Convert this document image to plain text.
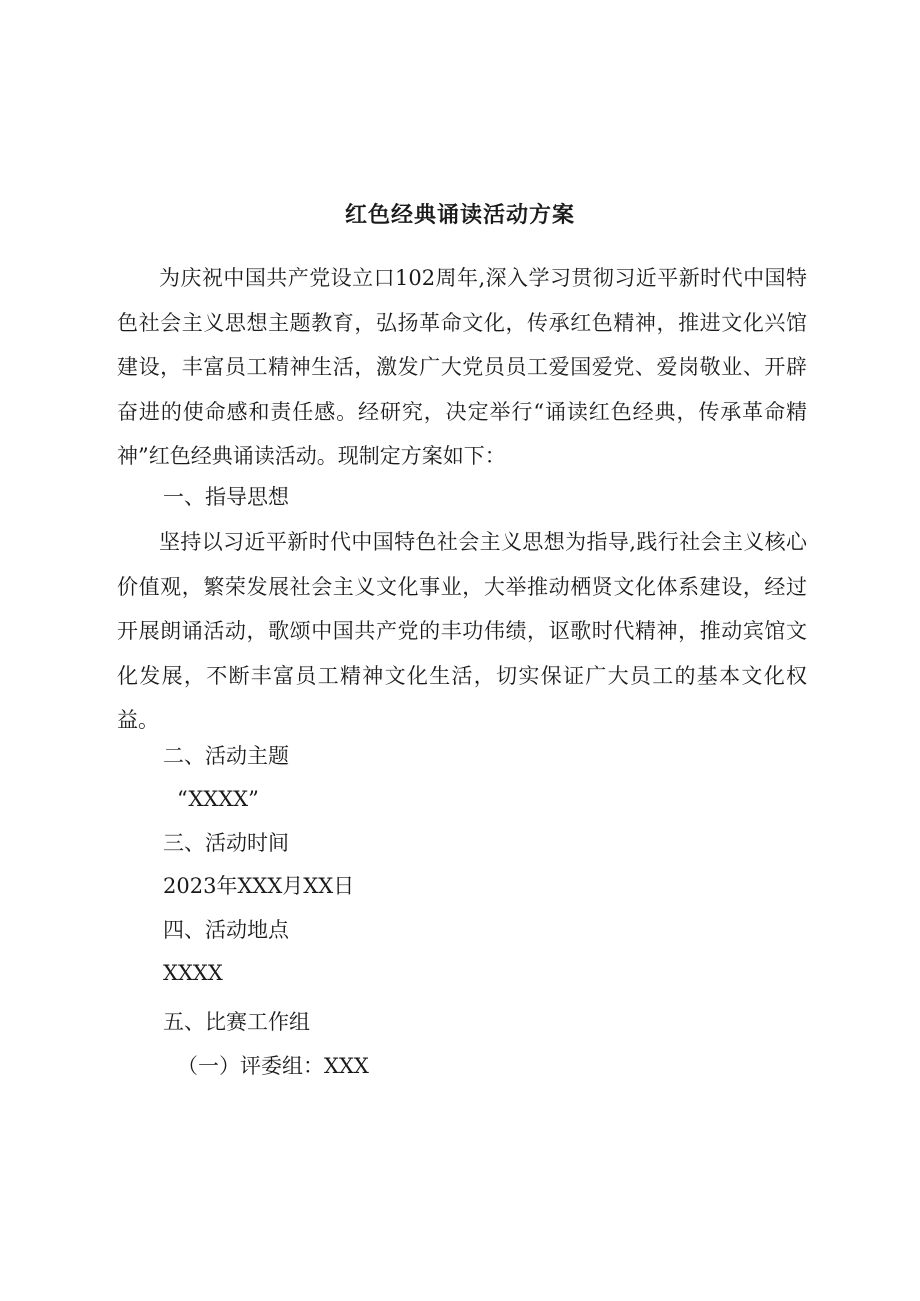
红色经典诵读活动方案

为庆祝中国共产党设立口102周年,深入学习贯彻习近平新时代中国特色社会主义思想主题教育，弘扬革命文化，传承红色精神，推进文化兴馆建设，丰富员工精神生活，激发广大党员员工爱国爱党、爱岗敬业、开辟奋进的使命感和责任感。经研究，决定举行“诵读红色经典，传承革命精神”红色经典诵读活动。现制定方案如下：

一、指导思想

坚持以习近平新时代中国特色社会主义思想为指导,践行社会主义核心价值观，繁荣发展社会主义文化事业，大举推动栖贤文化体系建设，经过开展朗诵活动，歌颂中国共产党的丰功伟绩，讴歌时代精神，推动宾馆文化发展，不断丰富员工精神文化生活，切实保证广大员工的基本文化权益。

二、活动主题

“XXXX”

三、活动时间

2023年XXX月XX日

四、活动地点

XXXX

五、比赛工作组

（一）评委组：XXX
